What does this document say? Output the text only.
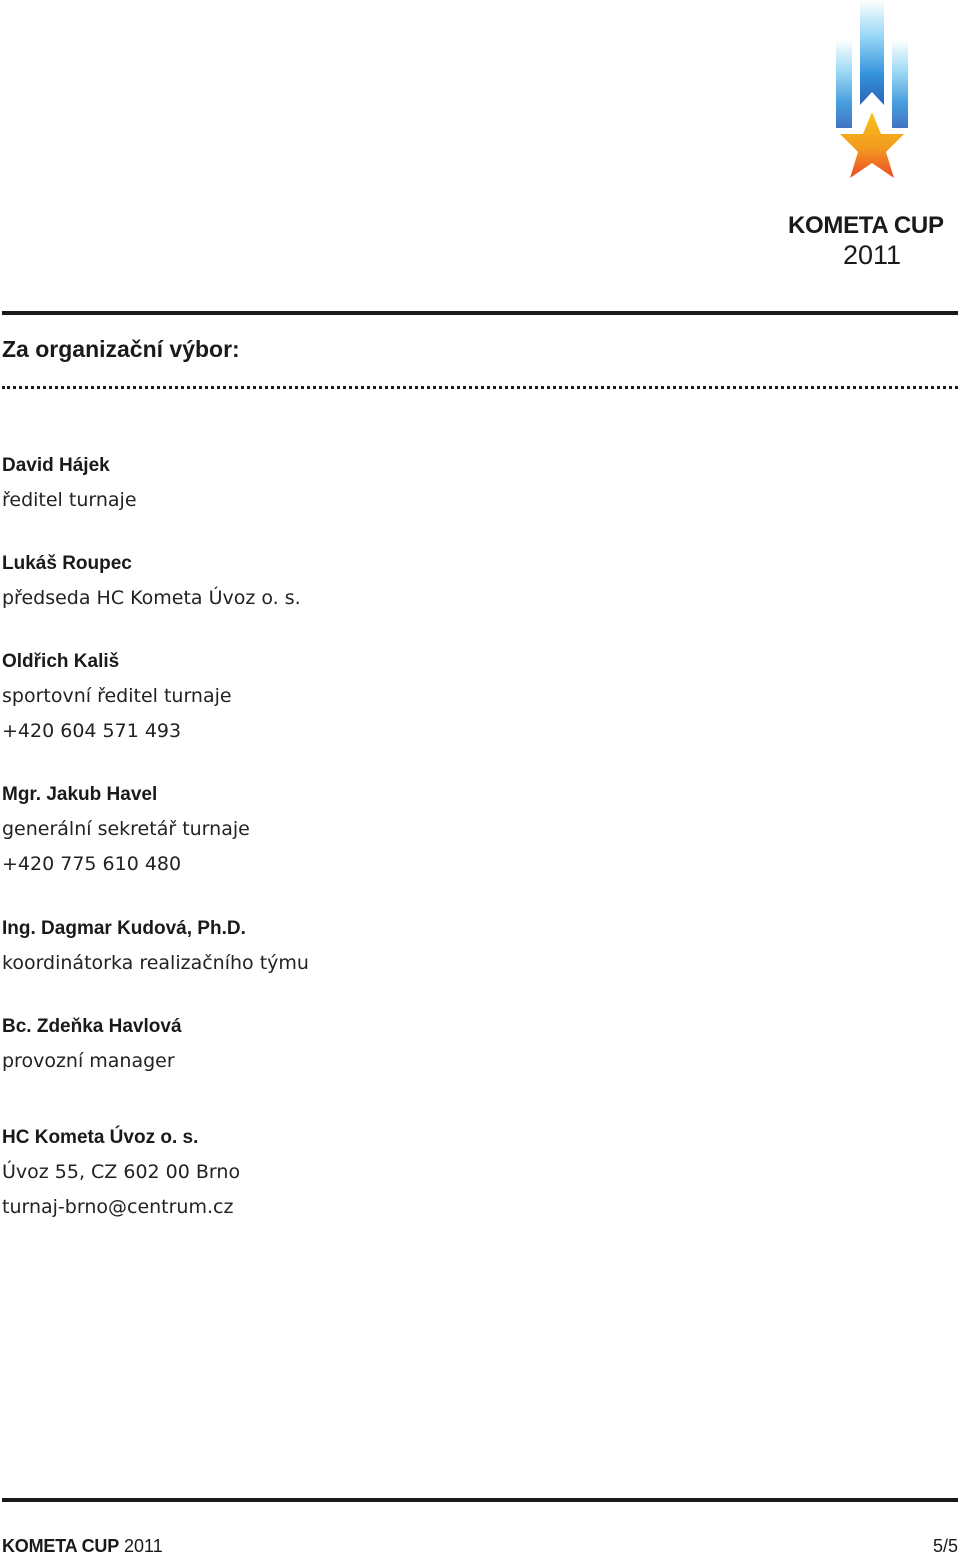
KOMETA CUP
2011
Za organizační výbor:
David Hájek
ředitel turnaje
Lukáš Roupec
předseda HC Kometa Úvoz o. s.
Oldřich Kališ
sportovní ředitel turnaje
+420 604 571 493
Mgr. Jakub Havel
generální sekretář turnaje
+420 775 610 480
Ing. Dagmar Kudová, Ph.D.
koordinátorka realizačního týmu
Bc. Zdeňka Havlová
provozní manager
HC Kometa Úvoz o. s.
Úvoz 55, CZ 602 00 Brno
turnaj-brno@centrum.cz
KOMETA CUP 2011	5/5
